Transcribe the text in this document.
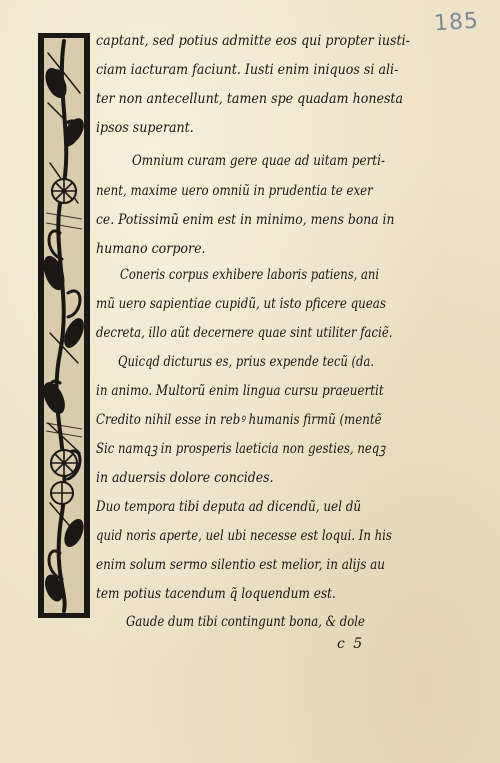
185
captant, sed potius admitte eos qui propter iusti-
ciam iacturam faciunt. Iusti enim iniquos si ali-
ter non antecellunt, tamen spe quadam honesta
ipsos superant.
Omnium curam gere quae ad uitam perti-
nent, maxime uero omniũ in prudentia te exer
ce. Potissimũ enim est in minimo, mens bona in
humano corpore.
Coneris corpus exhibere laboris patiens, ani
mũ uero sapientiae cupidũ, ut isto pficere queas
decreta, illo aũt decernere quae sint utiliter faciẽ.
Quicqd dicturus es, prius expende tecũ (da.
in animo. Multorũ enim lingua cursu praeuertit
Credito nihil esse in rebꝰ humanis firmũ (mentẽ
Sic namqꝫ in prosperis laeticia non gesties, neqꝫ
in aduersis dolore concides.
Duo tempora tibi deputa ad dicendũ, uel dũ
quid noris aperte, uel ubi necesse est loqui. In his
enim solum sermo silentio est melior, in alijs au
tem potius tacendum q̃ loquendum est.
Gaude dum tibi contingunt bona, & dole
c 5
